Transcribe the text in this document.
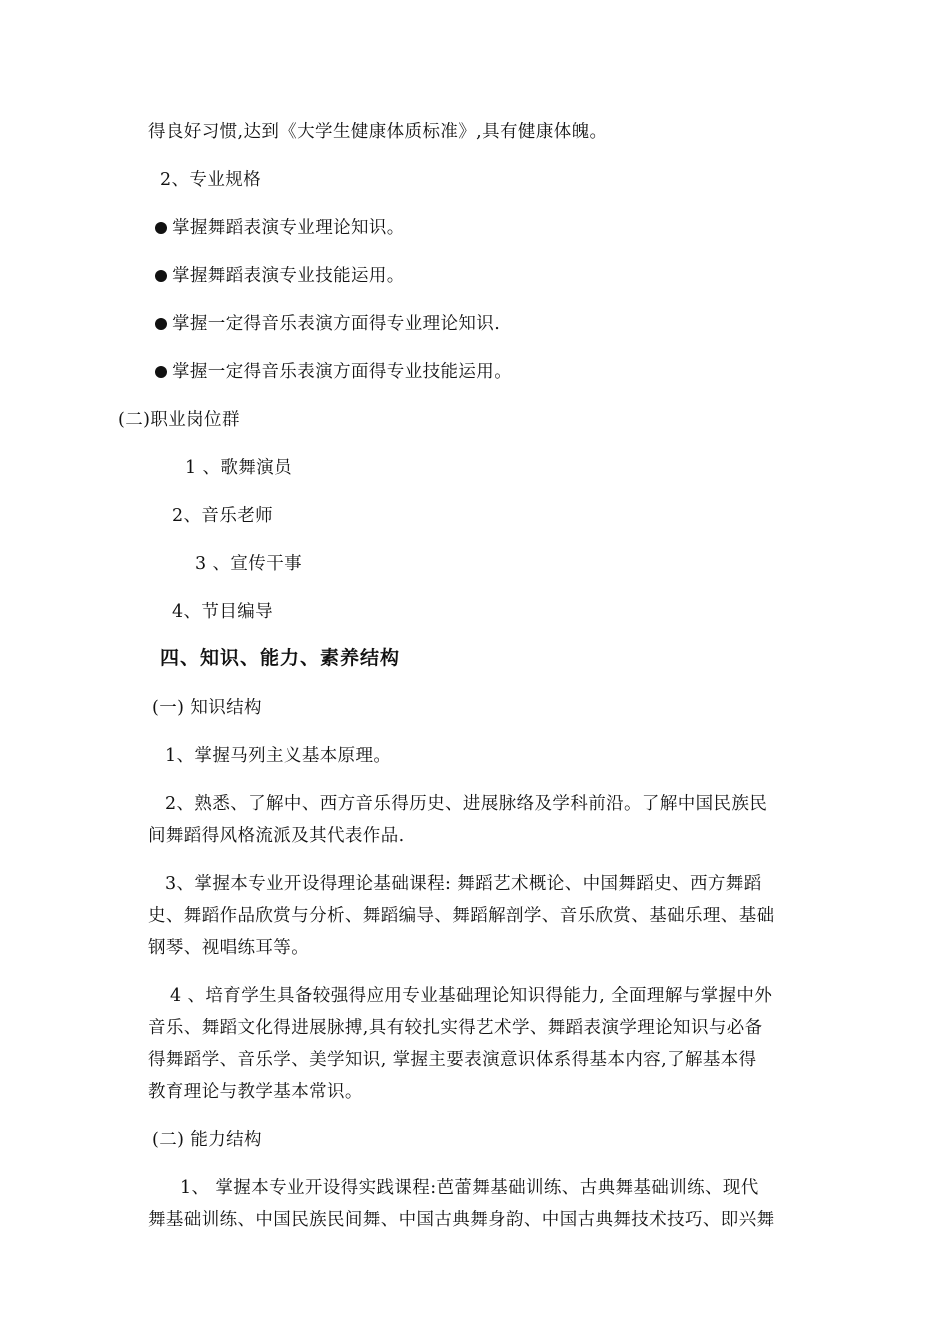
得良好习惯,达到《大学生健康体质标准》,具有健康体魄。
2、专业规格
掌握舞蹈表演专业理论知识。
掌握舞蹈表演专业技能运用。
掌握一定得音乐表演方面得专业理论知识.
掌握一定得音乐表演方面得专业技能运用。
(二)职业岗位群
1 、歌舞演员
2、音乐老师
3 、宣传干事
4、节目编导
四、知识、能力、素养结构
(一) 知识结构
1、掌握马列主义基本原理。
2、熟悉、了解中、西方音乐得历史、进展脉络及学科前沿。了解中国民族民
间舞蹈得风格流派及其代表作品.
3、掌握本专业开设得理论基础课程: 舞蹈艺术概论、中国舞蹈史、西方舞蹈
史、舞蹈作品欣赏与分析、舞蹈编导、舞蹈解剖学、音乐欣赏、基础乐理、基础
钢琴、视唱练耳等。
4 、培育学生具备较强得应用专业基础理论知识得能力, 全面理解与掌握中外
音乐、舞蹈文化得进展脉搏,具有较扎实得艺术学、舞蹈表演学理论知识与必备
得舞蹈学、音乐学、美学知识, 掌握主要表演意识体系得基本内容,了解基本得
教育理论与教学基本常识。
(二) 能力结构
1、 掌握本专业开设得实践课程:芭蕾舞基础训练、古典舞基础训练、现代
舞基础训练、中国民族民间舞、中国古典舞身韵、中国古典舞技术技巧、即兴舞
